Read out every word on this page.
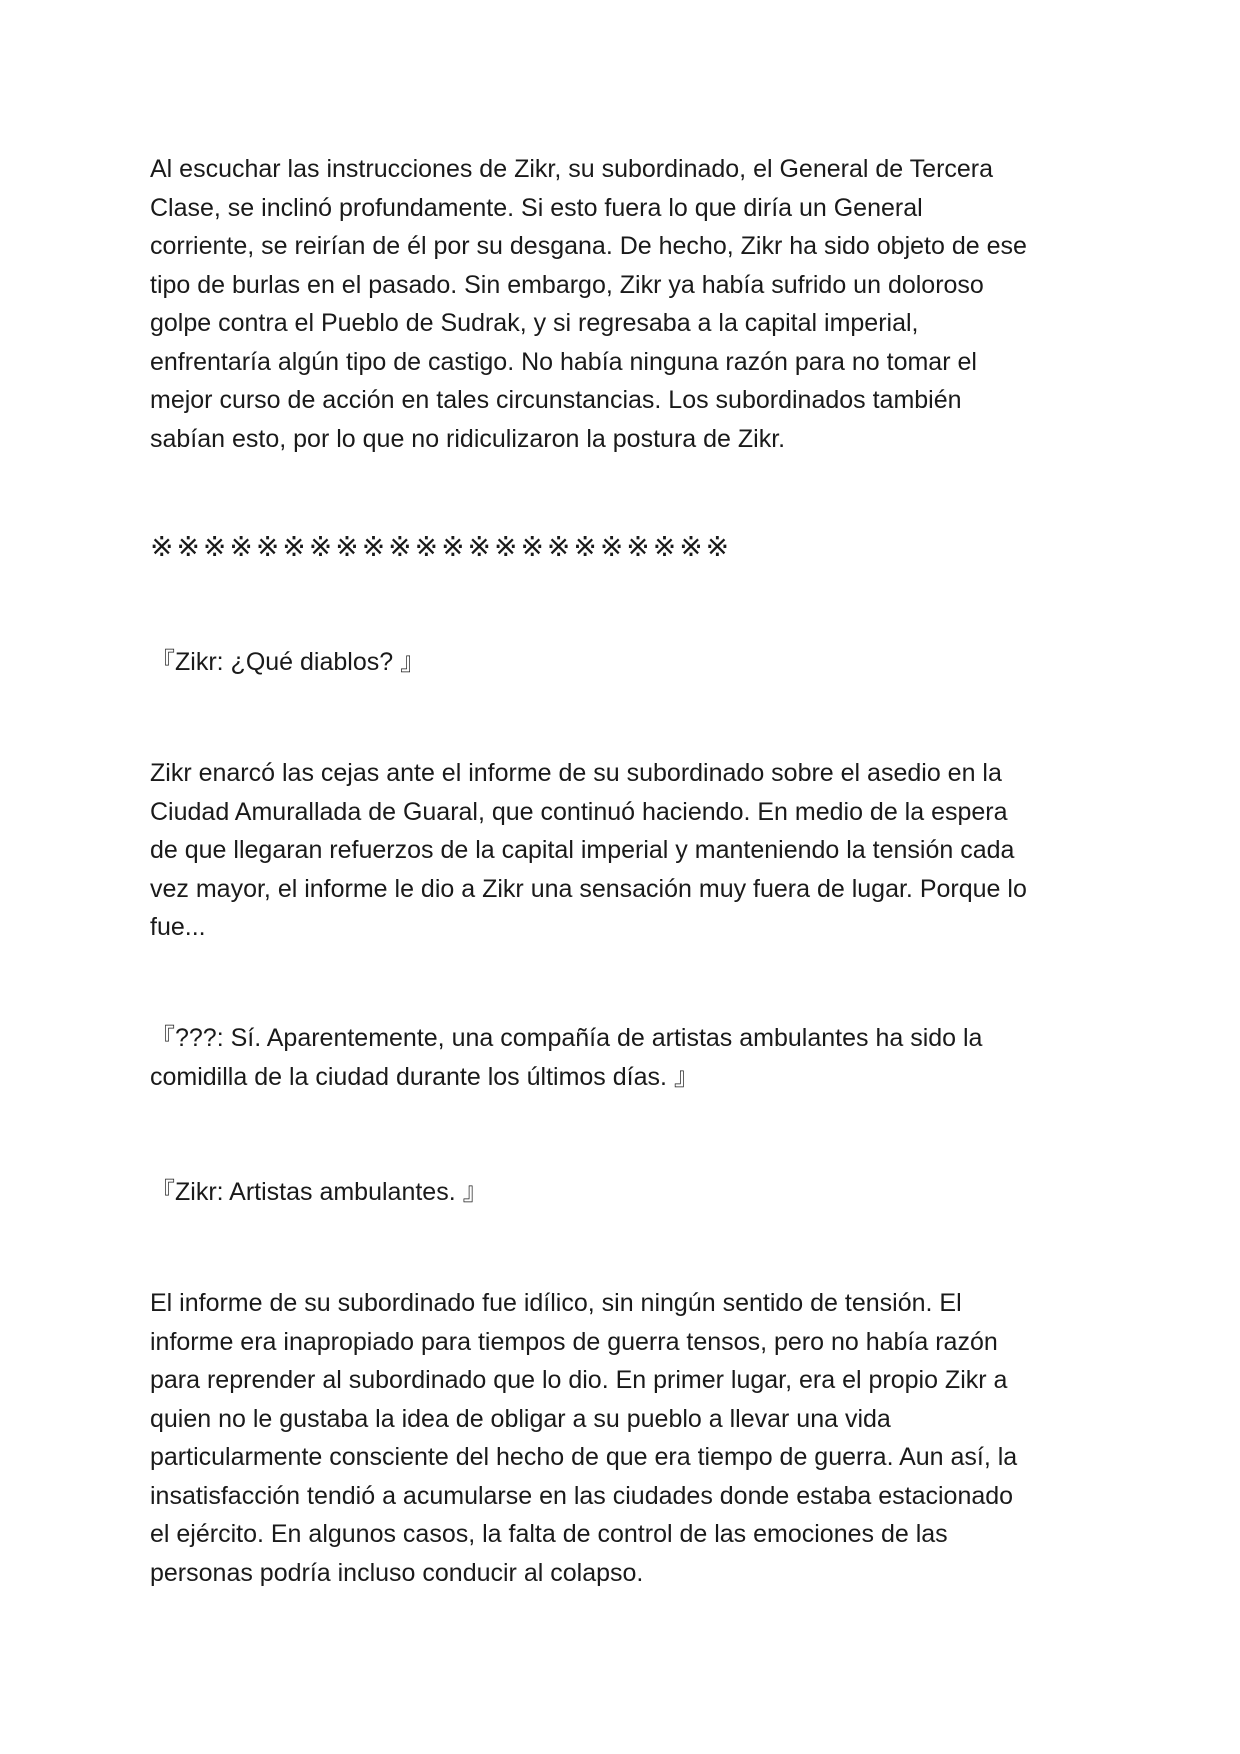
Al escuchar las instrucciones de Zikr, su subordinado, el General de Tercera
Clase, se inclinó profundamente. Si esto fuera lo que diría un General
corriente, se reirían de él por su desgana. De hecho, Zikr ha sido objeto de ese
tipo de burlas en el pasado. Sin embargo, Zikr ya había sufrido un doloroso
golpe contra el Pueblo de Sudrak, y si regresaba a la capital imperial,
enfrentaría algún tipo de castigo. No había ninguna razón para no tomar el
mejor curso de acción en tales circunstancias. Los subordinados también
sabían esto, por lo que no ridiculizaron la postura de Zikr.

※※※※※※※※※※※※※※※※※※※※※※

『Zikr: ¿Qué diablos? 』

Zikr enarcó las cejas ante el informe de su subordinado sobre el asedio en la
Ciudad Amurallada de Guaral, que continuó haciendo. En medio de la espera
de que llegaran refuerzos de la capital imperial y manteniendo la tensión cada
vez mayor, el informe le dio a Zikr una sensación muy fuera de lugar. Porque lo
fue...

『???: Sí. Aparentemente, una compañía de artistas ambulantes ha sido la
comidilla de la ciudad durante los últimos días. 』

『Zikr: Artistas ambulantes. 』

El informe de su subordinado fue idílico, sin ningún sentido de tensión. El
informe era inapropiado para tiempos de guerra tensos, pero no había razón
para reprender al subordinado que lo dio. En primer lugar, era el propio Zikr a
quien no le gustaba la idea de obligar a su pueblo a llevar una vida
particularmente consciente del hecho de que era tiempo de guerra. Aun así, la
insatisfacción tendió a acumularse en las ciudades donde estaba estacionado
el ejército. En algunos casos, la falta de control de las emociones de las
personas podría incluso conducir al colapso.
